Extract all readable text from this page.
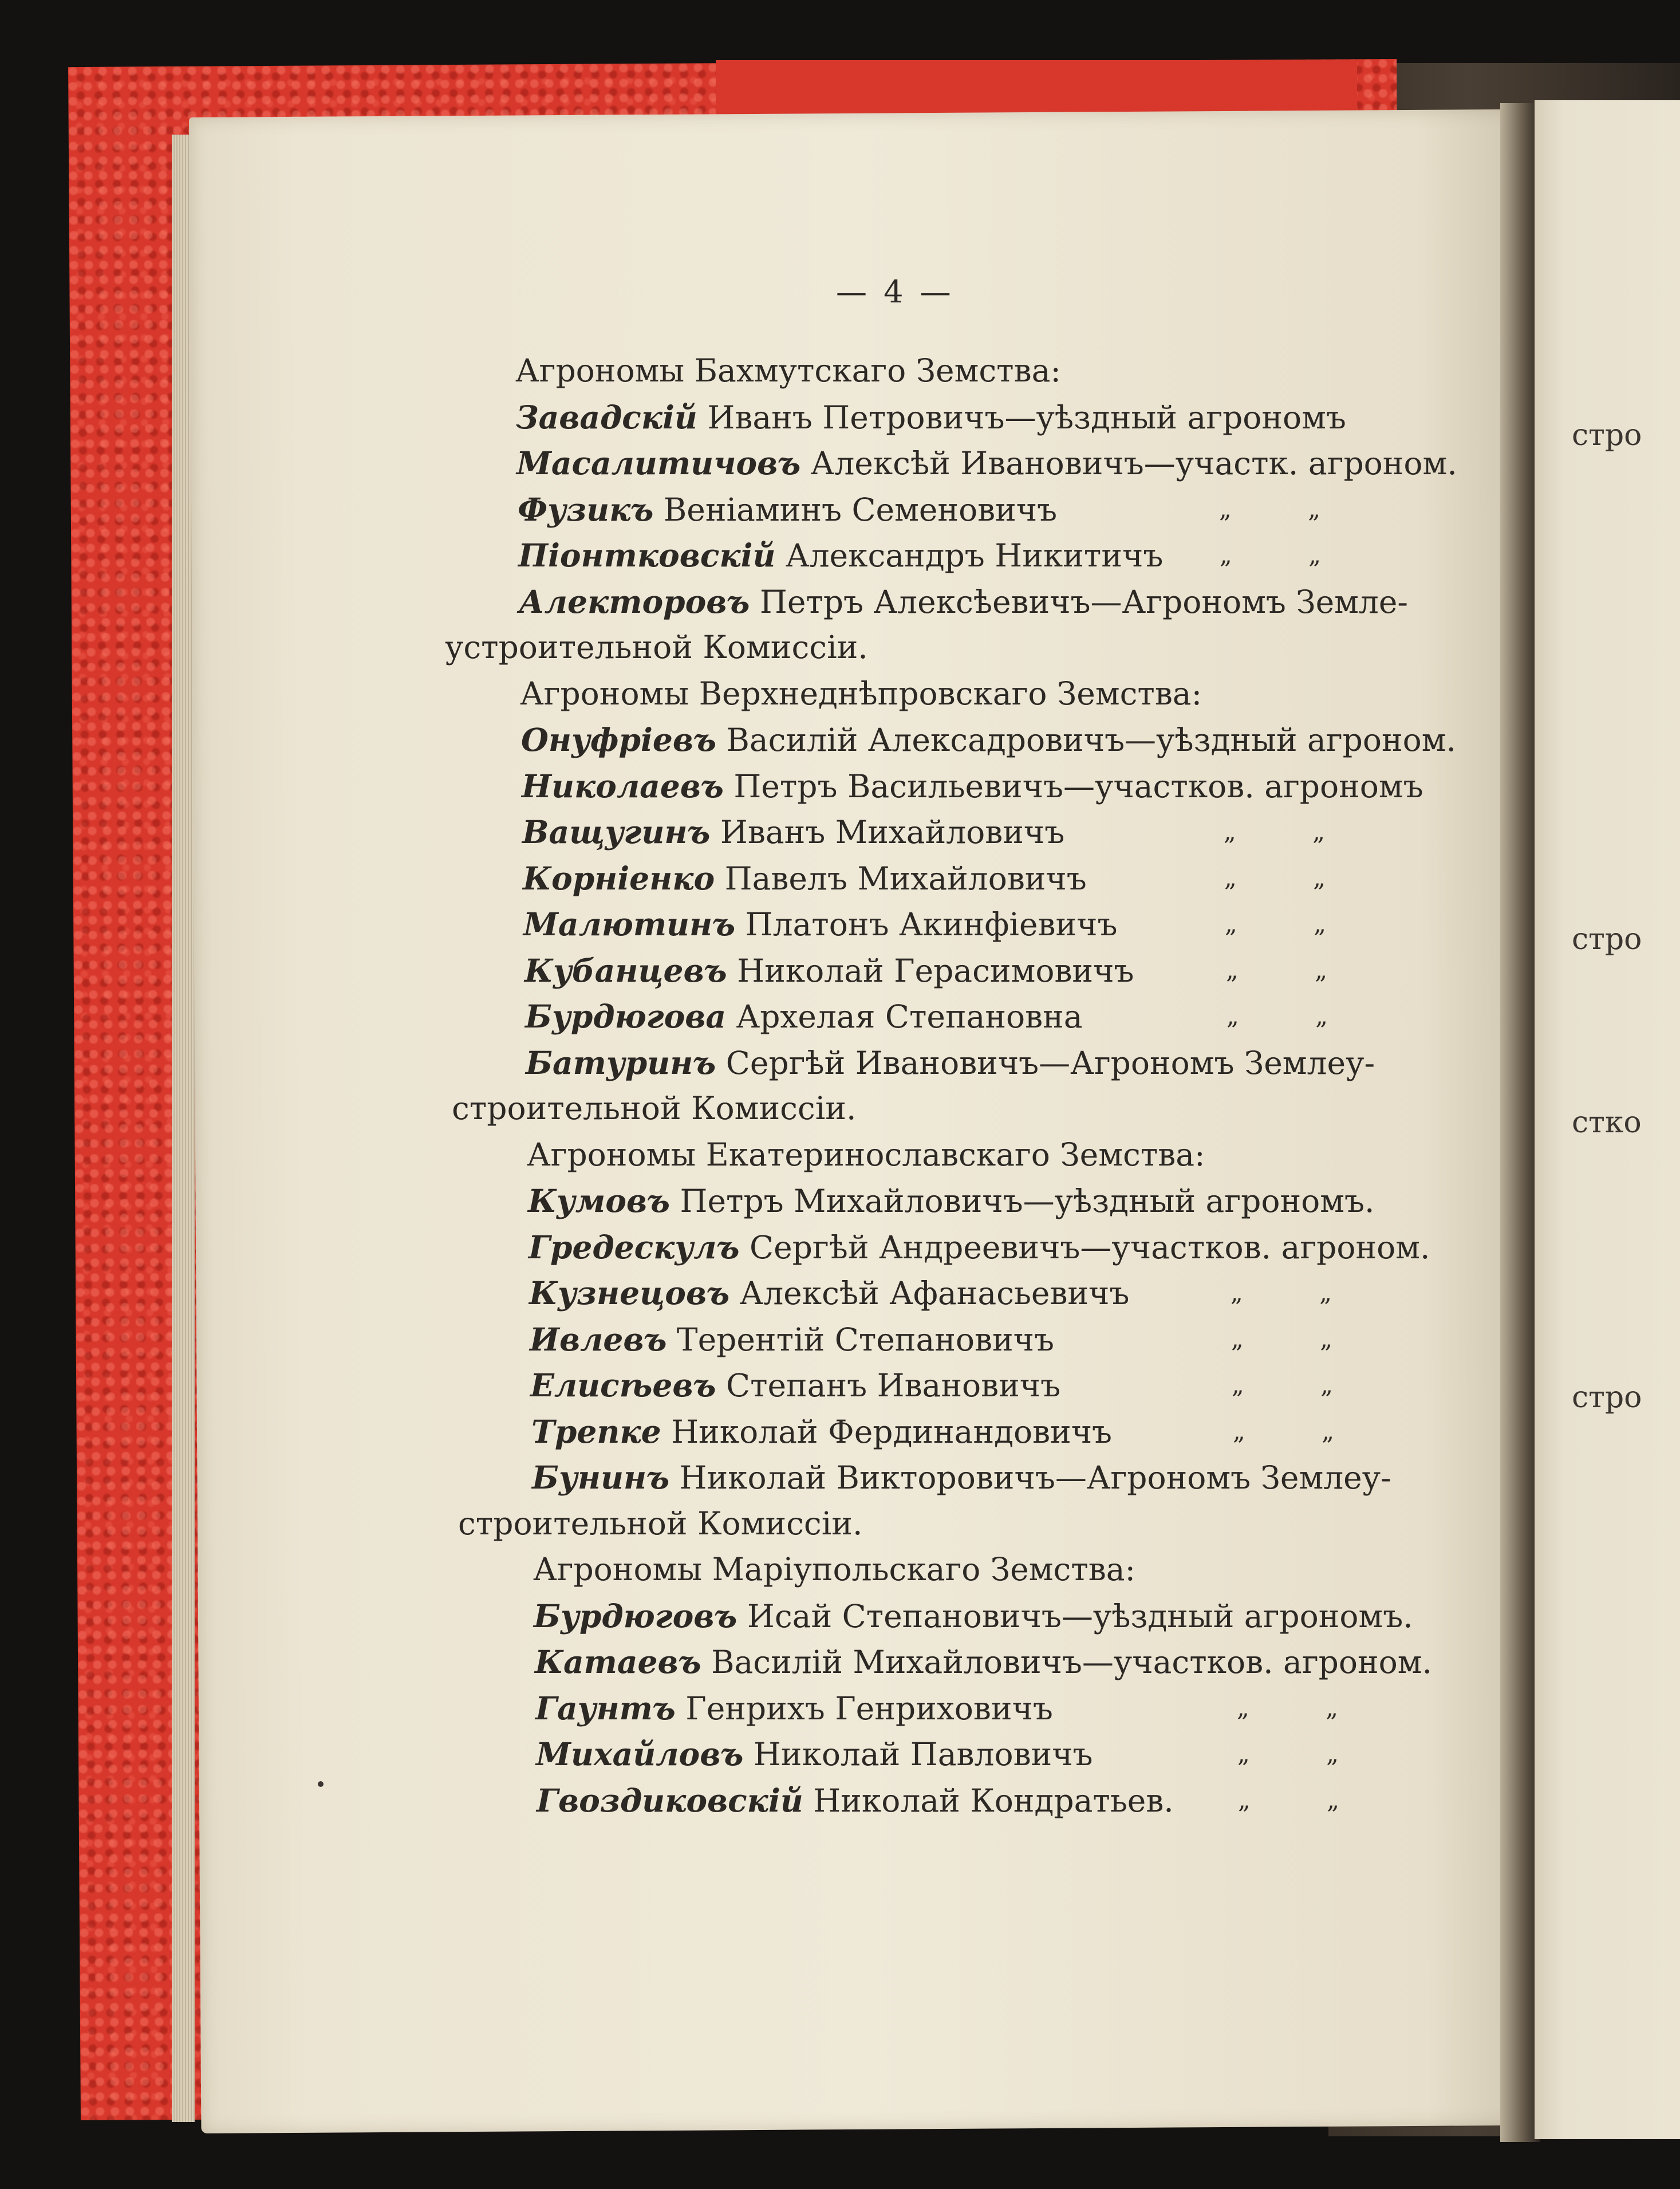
стро
стро
стко
стро
— 4 —
Агрономы Бахмутскаго Земства:
Завадскій Иванъ Петровичъ—уѣздный агрономъ
Масалитичовъ Алексѣй Ивановичъ—участк. агроном.
Фузикъ Веніаминъ Семеновичъ	„          „
Піонтковскій Александръ Никитичъ „          „
Алекторовъ Петръ Алексѣевичъ—Агрономъ Земле-
устроительной Комиссіи.
Агрономы Верхнеднѣпровскаго Земства:
Онуфріевъ Василій Алексадровичъ—уѣздный агроном.
Николаевъ Петръ Васильевичъ—участков. агрономъ
Ващугинъ Иванъ Михайловичъ	„          „
Корніенко Павелъ Михайловичъ	„          „
Малютинъ Платонъ Акинфіевичъ	„          „
Кубанцевъ Николай Герасимовичъ	„          „
Бурдюгова Архелая Степановна	„          „
Батуринъ Сергѣй Ивановичъ—Агрономъ Землеу-
строительной Комиссіи.
Агрономы Екатеринославскаго Земства:
Кумовъ Петръ Михайловичъ—уѣздный агрономъ.
Гредескулъ Сергѣй Андреевичъ—участков. агроном.
Кузнецовъ Алексѣй Афанасьевичъ	„          „
Ивлевъ Терентій Степановичъ	„          „
Елисѣевъ Степанъ Ивановичъ	„          „
Трепке Николай Фердинандовичъ	„          „
Бунинъ Николай Викторовичъ—Агрономъ Землеу-
строительной Комиссіи.
Агрономы Маріупольскаго Земства:
Бурдюговъ Исай Степановичъ—уѣздный агрономъ.
Катаевъ Василій Михайловичъ—участков. агроном.
Гаунтъ Генрихъ Генриховичъ	„          „
Михайловъ Николай Павловичъ	„          „
Гвоздиковскій Николай Кондратьев.	„          „
